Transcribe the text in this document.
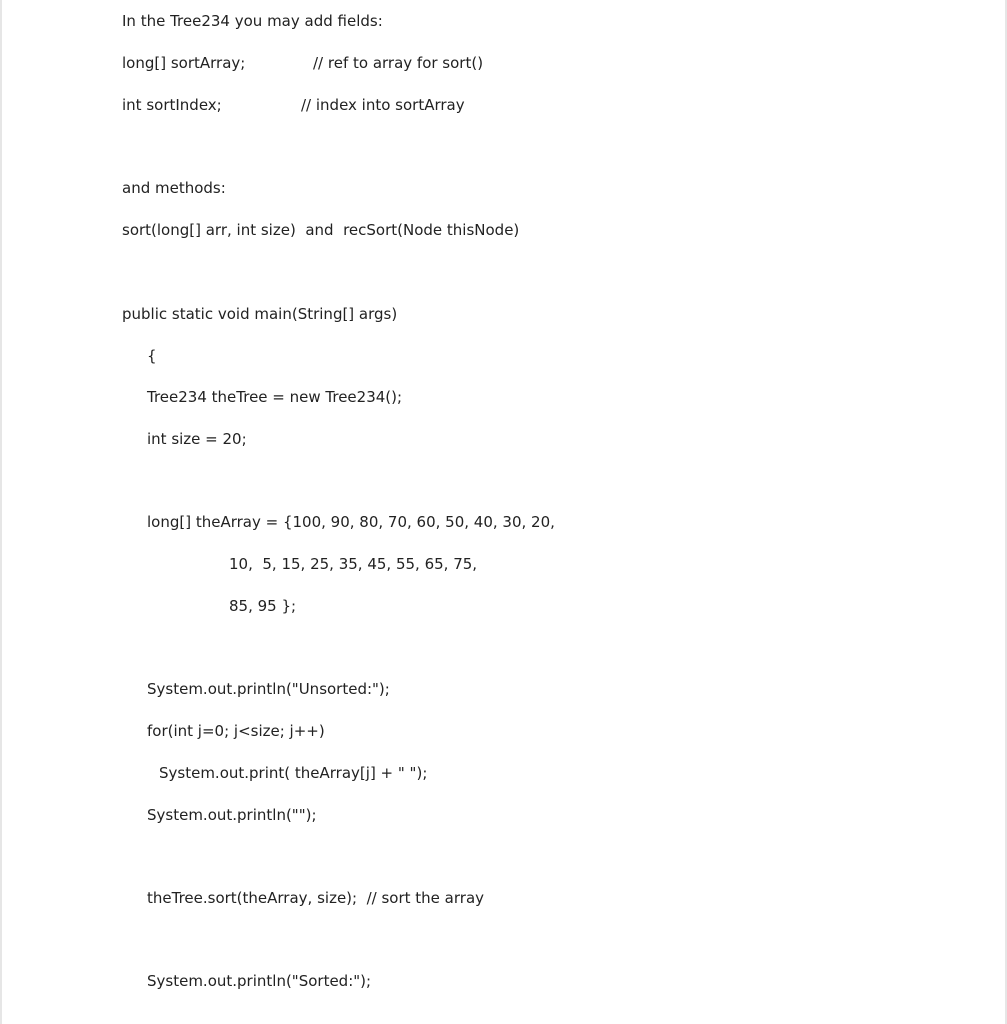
In the Tree234 you may add fields:
long[] sortArray;	// ref to array for sort()
int sortIndex;	// index into sortArray
and methods:
sort(long[] arr, int size)  and  recSort(Node thisNode)
public static void main(String[] args)
{
Tree234 theTree = new Tree234();
int size = 20;
long[] theArray = {100, 90, 80, 70, 60, 50, 40, 30, 20,
10,  5, 15, 25, 35, 45, 55, 65, 75,
85, 95 };
System.out.println("Unsorted:");
for(int j=0; j<size; j++)
System.out.print( theArray[j] + " ");
System.out.println("");
theTree.sort(theArray, size);  // sort the array
System.out.println("Sorted:");
